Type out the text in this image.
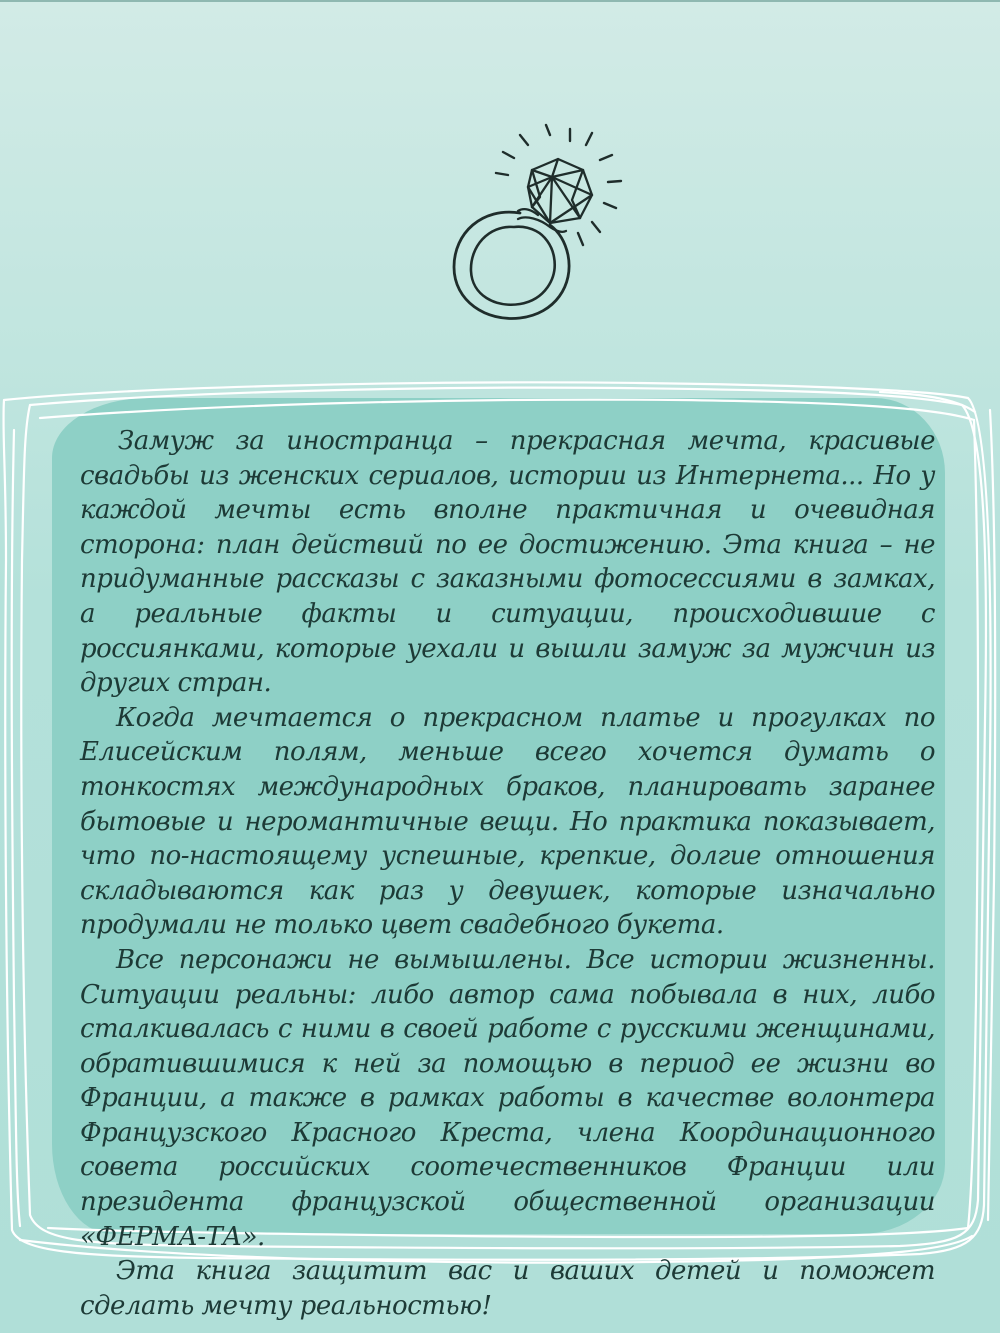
Замуж за иностранца – прекрасная мечта, красивые свадьбы из женских сериалов, истории из Интернета... Но у каждой мечты есть вполне практичная и очевидная сторона: план действий по ее достижению. Эта книга – не придуманные рассказы с заказными фотосессиями в замках, а реальные факты и ситуации, происходившие с россиянками, которые уехали и вышли замуж за мужчин из других стран.

Когда мечтается о прекрасном платье и прогулках по Елисейским полям, меньше всего хочется думать о тонкостях международных браков, планировать заранее бытовые и неромантичные вещи. Но практика показывает, что по-настоящему успешные, крепкие, долгие отношения складываются как раз у девушек, которые изначально продумали не только цвет свадебного букета.

Все персонажи не вымышлены. Все истории жизненны. Ситуации реальны: либо автор сама побывала в них, либо сталкивалась с ними в своей работе с русскими женщинами, обратившимися к ней за помощью в период ее жизни во Франции, а также в рамках работы в качестве волонтера Французского Красного Креста, члена Координационного совета российских соотечественников Франции или президента французской общественной организации «ФЕРМА-ТА».

Эта книга защитит вас и ваших детей и поможет сделать мечту реальностью!
